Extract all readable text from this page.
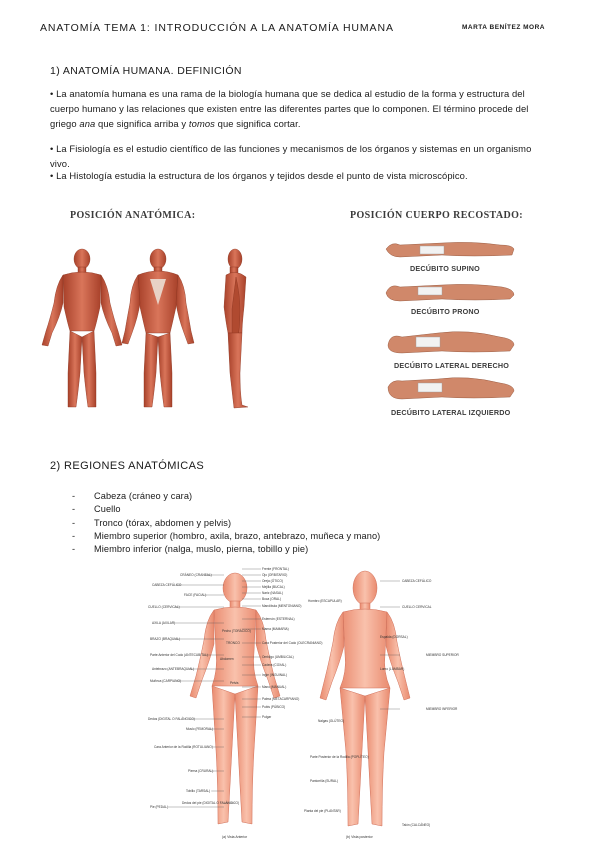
ANATOMÍA TEMA 1: INTRODUCCIÓN A LA ANATOMÍA HUMANA	MARTA BENÍTEZ MORA
1) ANATOMÍA HUMANA. DEFINICIÓN

• La anatomía humana es una rama de la biología humana que se dedica al estudio de la forma y estructura del cuerpo humano y las relaciones que existen entre las diferentes partes que lo componen. El término procede del griego ana que significa arriba y tomos que significa cortar.

• La Fisiología es el estudio científico de las funciones y mecanismos de los órganos y sistemas en un organismo vivo.

• La Histología estudia la estructura de los órganos y tejidos desde el punto de vista microscópico.

POSICIÓN ANATÓMICA:	POSICIÓN CUERPO RECOSTADO:
DECÚBITO SUPINO
DECÚBITO PRONO
DECÚBITO LATERAL DERECHO
DECÚBITO LATERAL IZQUIERDO
2) REGIONES ANATÓMICAS
- Cabeza (cráneo y cara)
- Cuello
- Tronco (tórax, abdomen y pelvis)
- Miembro superior (hombro, axila, brazo, antebrazo, muñeca y mano)
- Miembro inferior (nalga, muslo, pierna, tobillo y pie)
CABEZA CEFÁLICO
CRÁNEO (CRANEAL)
FACE (FACIAL)
CUELLO (CERVICAL)
AXILA (AXILAR)
BRAZO (BRAQUIAL)
Parte Anterior del Codo (ANTECUBITAL)
Antebrazo (ANTEBRAQUIAL)
Muñeca (CARPIANO)
Dedos (DIGITAL O FALÁNGICO)
Muslo (FEMORAL)
Cara Anterior de la Rodilla (ROTULIANO)
Pierna (CRURAL)
Tobillo (TARSAL)
Pie (PEDAL)
Dedos del pie (DIGITAL O FALÁNGICO)
Frente (FRONTAL)
Ojo (ORBITARIO)
Oreja (ÓTICO)
Mejilla (BUCAL)
Nariz (NASAL)
Boca (ORAL)
Mandíbula (MENTONIANO)
Esternón (ESTERNAL)
Mama (MAMARIA)
Cara Posterior del Codo (OLECRANIANO)
Ombligo (UMBILICAL)
Cadera (COXAL)
Ingle (INGUINAL)
Mano (MANUAL)
Pubis (PÚBICO)
Palma (METACARPIANO)
Pulgar
Pecho (TORÁCICO)
Abdomen
Pelvis
TRONCO
CABEZA CEFÁLICO
CUELLO CERVICAL
Hombro (ESCAPULAR)
Espalda (DORSAL)
Lomo (LUMBAR)
MIEMBRO SUPERIOR
MIEMBRO INFERIOR
Nalgas (GLÚTEO)
Parte Posterior de la Rodilla (POPLÍTEO)
Pantorrilla (SURAL)
Planta del pie (PLANTAR)
Talón (CALCÁNEO)
(a) Vista Anterior	(b) Vista posterior
